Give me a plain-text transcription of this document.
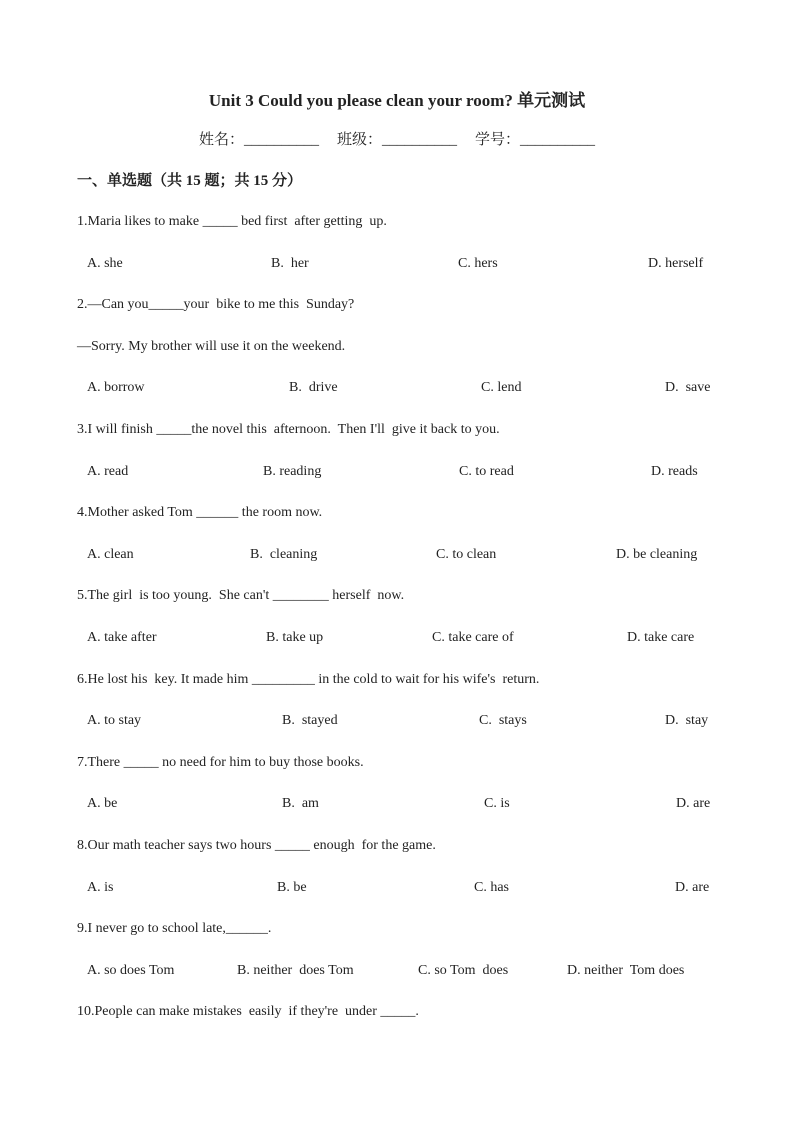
Unit 3 Could you please clean your room? 单元测试
姓名：__________ 班级：__________ 学号：__________
一、单选题（共 15 题；共 15 分）
1.Maria likes to make _____ bed first  after getting  up.
A. she	B.  her	C. hers	D. herself
2.—Can you_____your  bike to me this  Sunday?
—Sorry. My brother will use it on the weekend.
A. borrow	B.  drive	C. lend	D.  save
3.I will finish _____the novel this  afternoon.  Then I'll  give it back to you.
A. read	B. reading	C. to read	D. reads
4.Mother asked Tom ______ the room now.
A. clean	B.  cleaning	C. to clean	D. be cleaning
5.The girl  is too young.  She can't ________ herself  now.
A. take after	B. take up	C. take care of	D. take care
6.He lost his  key. It made him _________ in the cold to wait for his wife's  return.
A. to stay	B.  stayed	C.  stays	D.  stay
7.There _____ no need for him to buy those books.
A. be	B.  am	C. is	D. are
8.Our math teacher says two hours _____ enough  for the game.
A. is	B. be	C. has	D. are
9.I never go to school late,______.
A. so does Tom	B. neither  does Tom	C. so Tom  does	D. neither  Tom does
10.People can make mistakes  easily  if they're  under _____.
